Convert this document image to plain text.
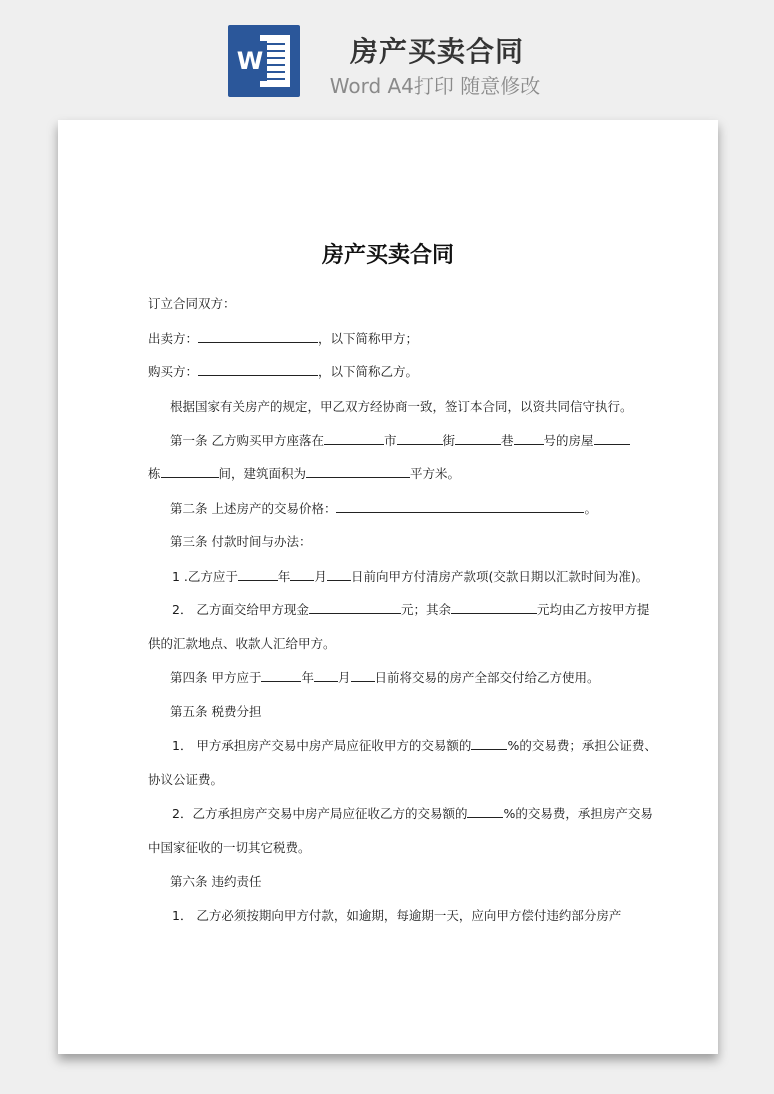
W	房产买卖合同
Word A4打印 随意修改
房产买卖合同
订立合同双方：
出卖方：	，以下简称甲方；
购买方：	，以下简称乙方。
根据国家有关房产的规定，甲乙双方经协商一致，签订本合同，以资共同信守执行。
第一条 乙方购买甲方座落在	市	街	巷 号的房屋
栋	间，建筑面积为	平方米。
第二条 上述房产的交易价格：	。
第三条 付款时间与办法：
1 .乙方应于	年 月 日前向甲方付清房产款项(交款日期以汇款时间为准)。
2． 乙方面交给甲方现金	元；其余	元均由乙方按甲方提
供的汇款地点、收款人汇给甲方。
第四条 甲方应于	年 月 日前将交易的房产全部交付给乙方使用。
第五条 税费分担
1． 甲方承担房产交易中房产局应征收甲方的交易额的	%的交易费；承担公证费、
协议公证费。
2．乙方承担房产交易中房产局应征收乙方的交易额的	%的交易费，承担房产交易
中国家征收的一切其它税费。
第六条 违约责任
1． 乙方必须按期向甲方付款，如逾期，每逾期一天，应向甲方偿付违约部分房产
